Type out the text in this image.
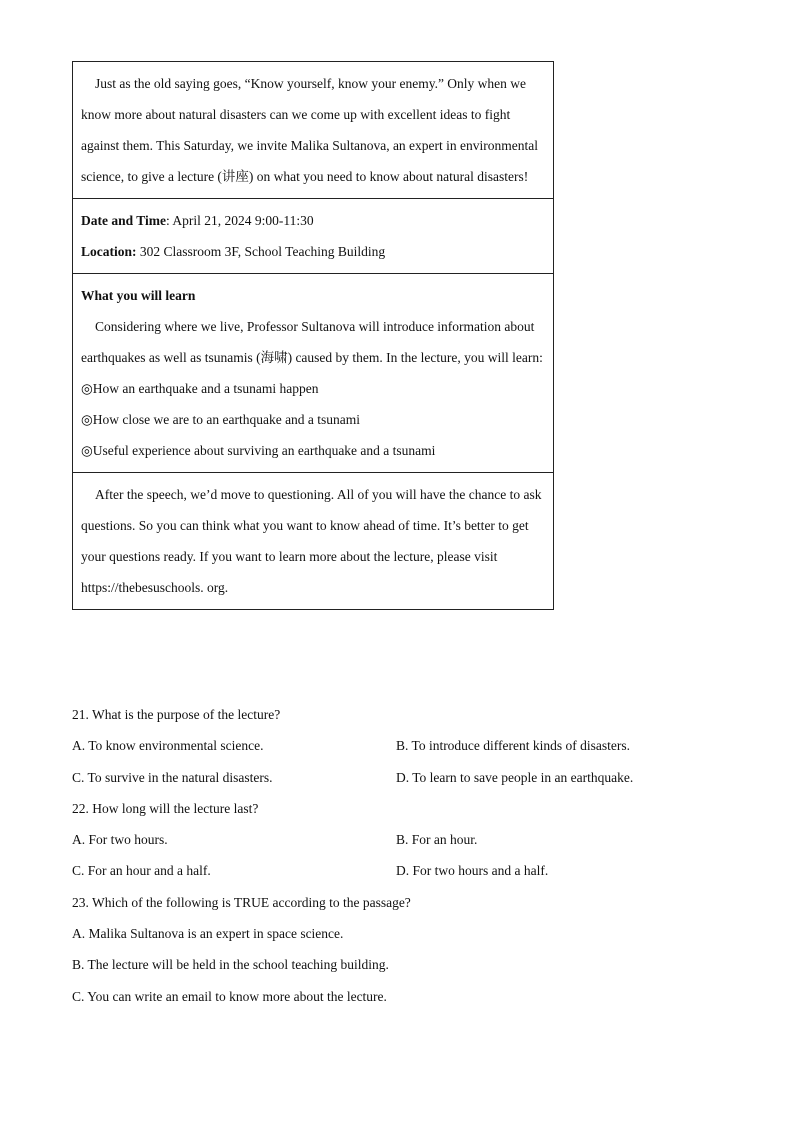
Just as the old saying goes, “Know yourself, know your enemy.” Only when we know more about natural disasters can we come up with excellent ideas to fight against them. This Saturday, we invite Malika Sultanova, an expert in environmental science, to give a lecture (讲座) on what you need to know about natural disasters!

Date and Time: April 21, 2024 9:00-11:30

Location: 302 Classroom 3F, School Teaching Building

What you will learn

Considering where we live, Professor Sultanova will introduce information about earthquakes as well as tsunamis (海啸) caused by them. In the lecture, you will learn:

◎How an earthquake and a tsunami happen

◎How close we are to an earthquake and a tsunami

◎Useful experience about surviving an earthquake and a tsunami

After the speech, we’d move to questioning. All of you will have the chance to ask questions. So you can think what you want to know ahead of time. It’s better to get your questions ready. If you want to learn more about the lecture, please visit https://thebesuschools. org.

21. What is the purpose of the lecture?
A. To know environmental science.	B. To introduce different kinds of disasters.
C. To survive in the natural disasters.	D. To learn to save people in an earthquake.
22. How long will the lecture last?
A. For two hours.	B. For an hour.
C. For an hour and a half.	D. For two hours and a half.
23. Which of the following is TRUE according to the passage?
A. Malika Sultanova is an expert in space science.
B. The lecture will be held in the school teaching building.
C. You can write an email to know more about the lecture.
